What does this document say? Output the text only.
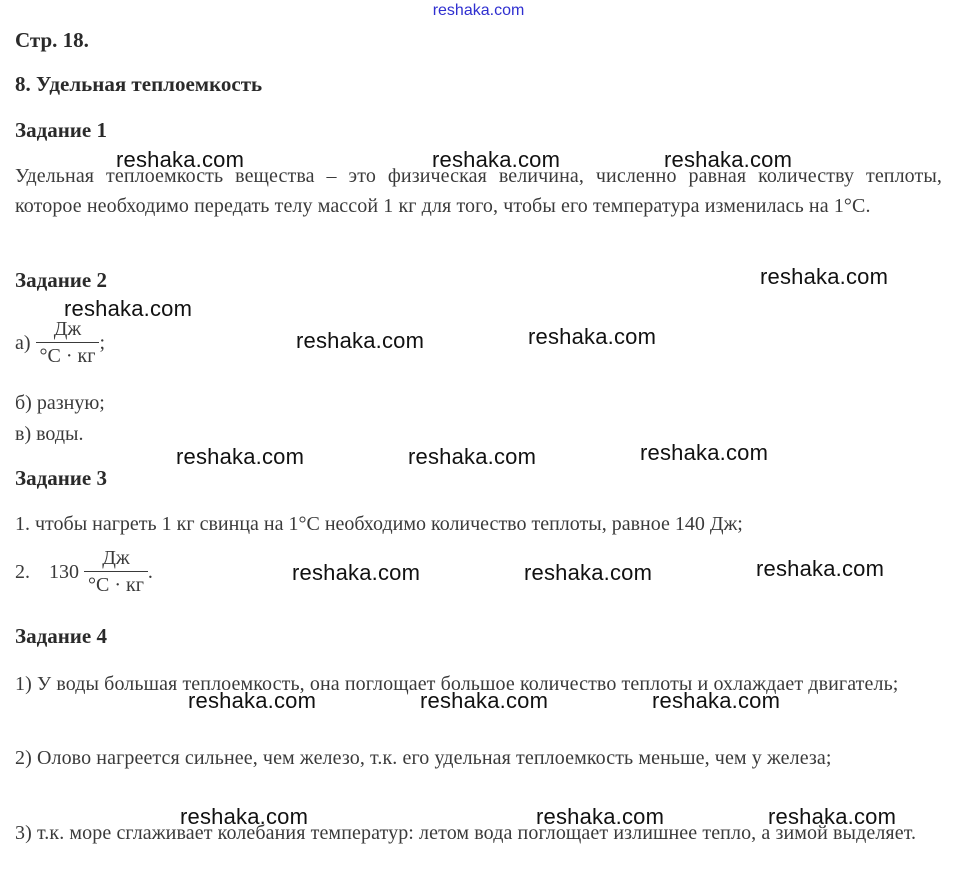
reshaka.com
Стр. 18.
8. Удельная теплоемкость
Задание 1
Удельная теплоемкость вещества – это физическая величина, численно равная количеству теплоты, которое необходимо передать телу массой 1 кг для того, чтобы его температура изменилась на 1°С.
Задание 2
$а) \frac{Дж}{^\circ С \cdot кг}$ ;
б) разную;
в) воды.
Задание 3
1. чтобы нагреть 1 кг свинца на 1°С необходимо количество теплоты, равное 140 Дж;
2. $130 \frac{Дж}{^\circ С \cdot кг}$ .
Задание 4
1) У воды большая теплоемкость, она поглощает большое количество теплоты и охлаждает двигатель;
2) Олово нагреется сильнее, чем железо, т.к. его удельная теплоемкость меньше, чем у железа;
3) т.к. море сглаживает колебания температур: летом вода поглощает излишнее тепло, а зимой выделяет.
reshaka.com	reshaka.com	reshaka.com
reshaka.com
reshaka.com
reshaka.com	reshaka.com
reshaka.com	reshaka.com	reshaka.com
reshaka.com	reshaka.com	reshaka.com
reshaka.com	reshaka.com	reshaka.com
reshaka.com	reshaka.com	reshaka.com
